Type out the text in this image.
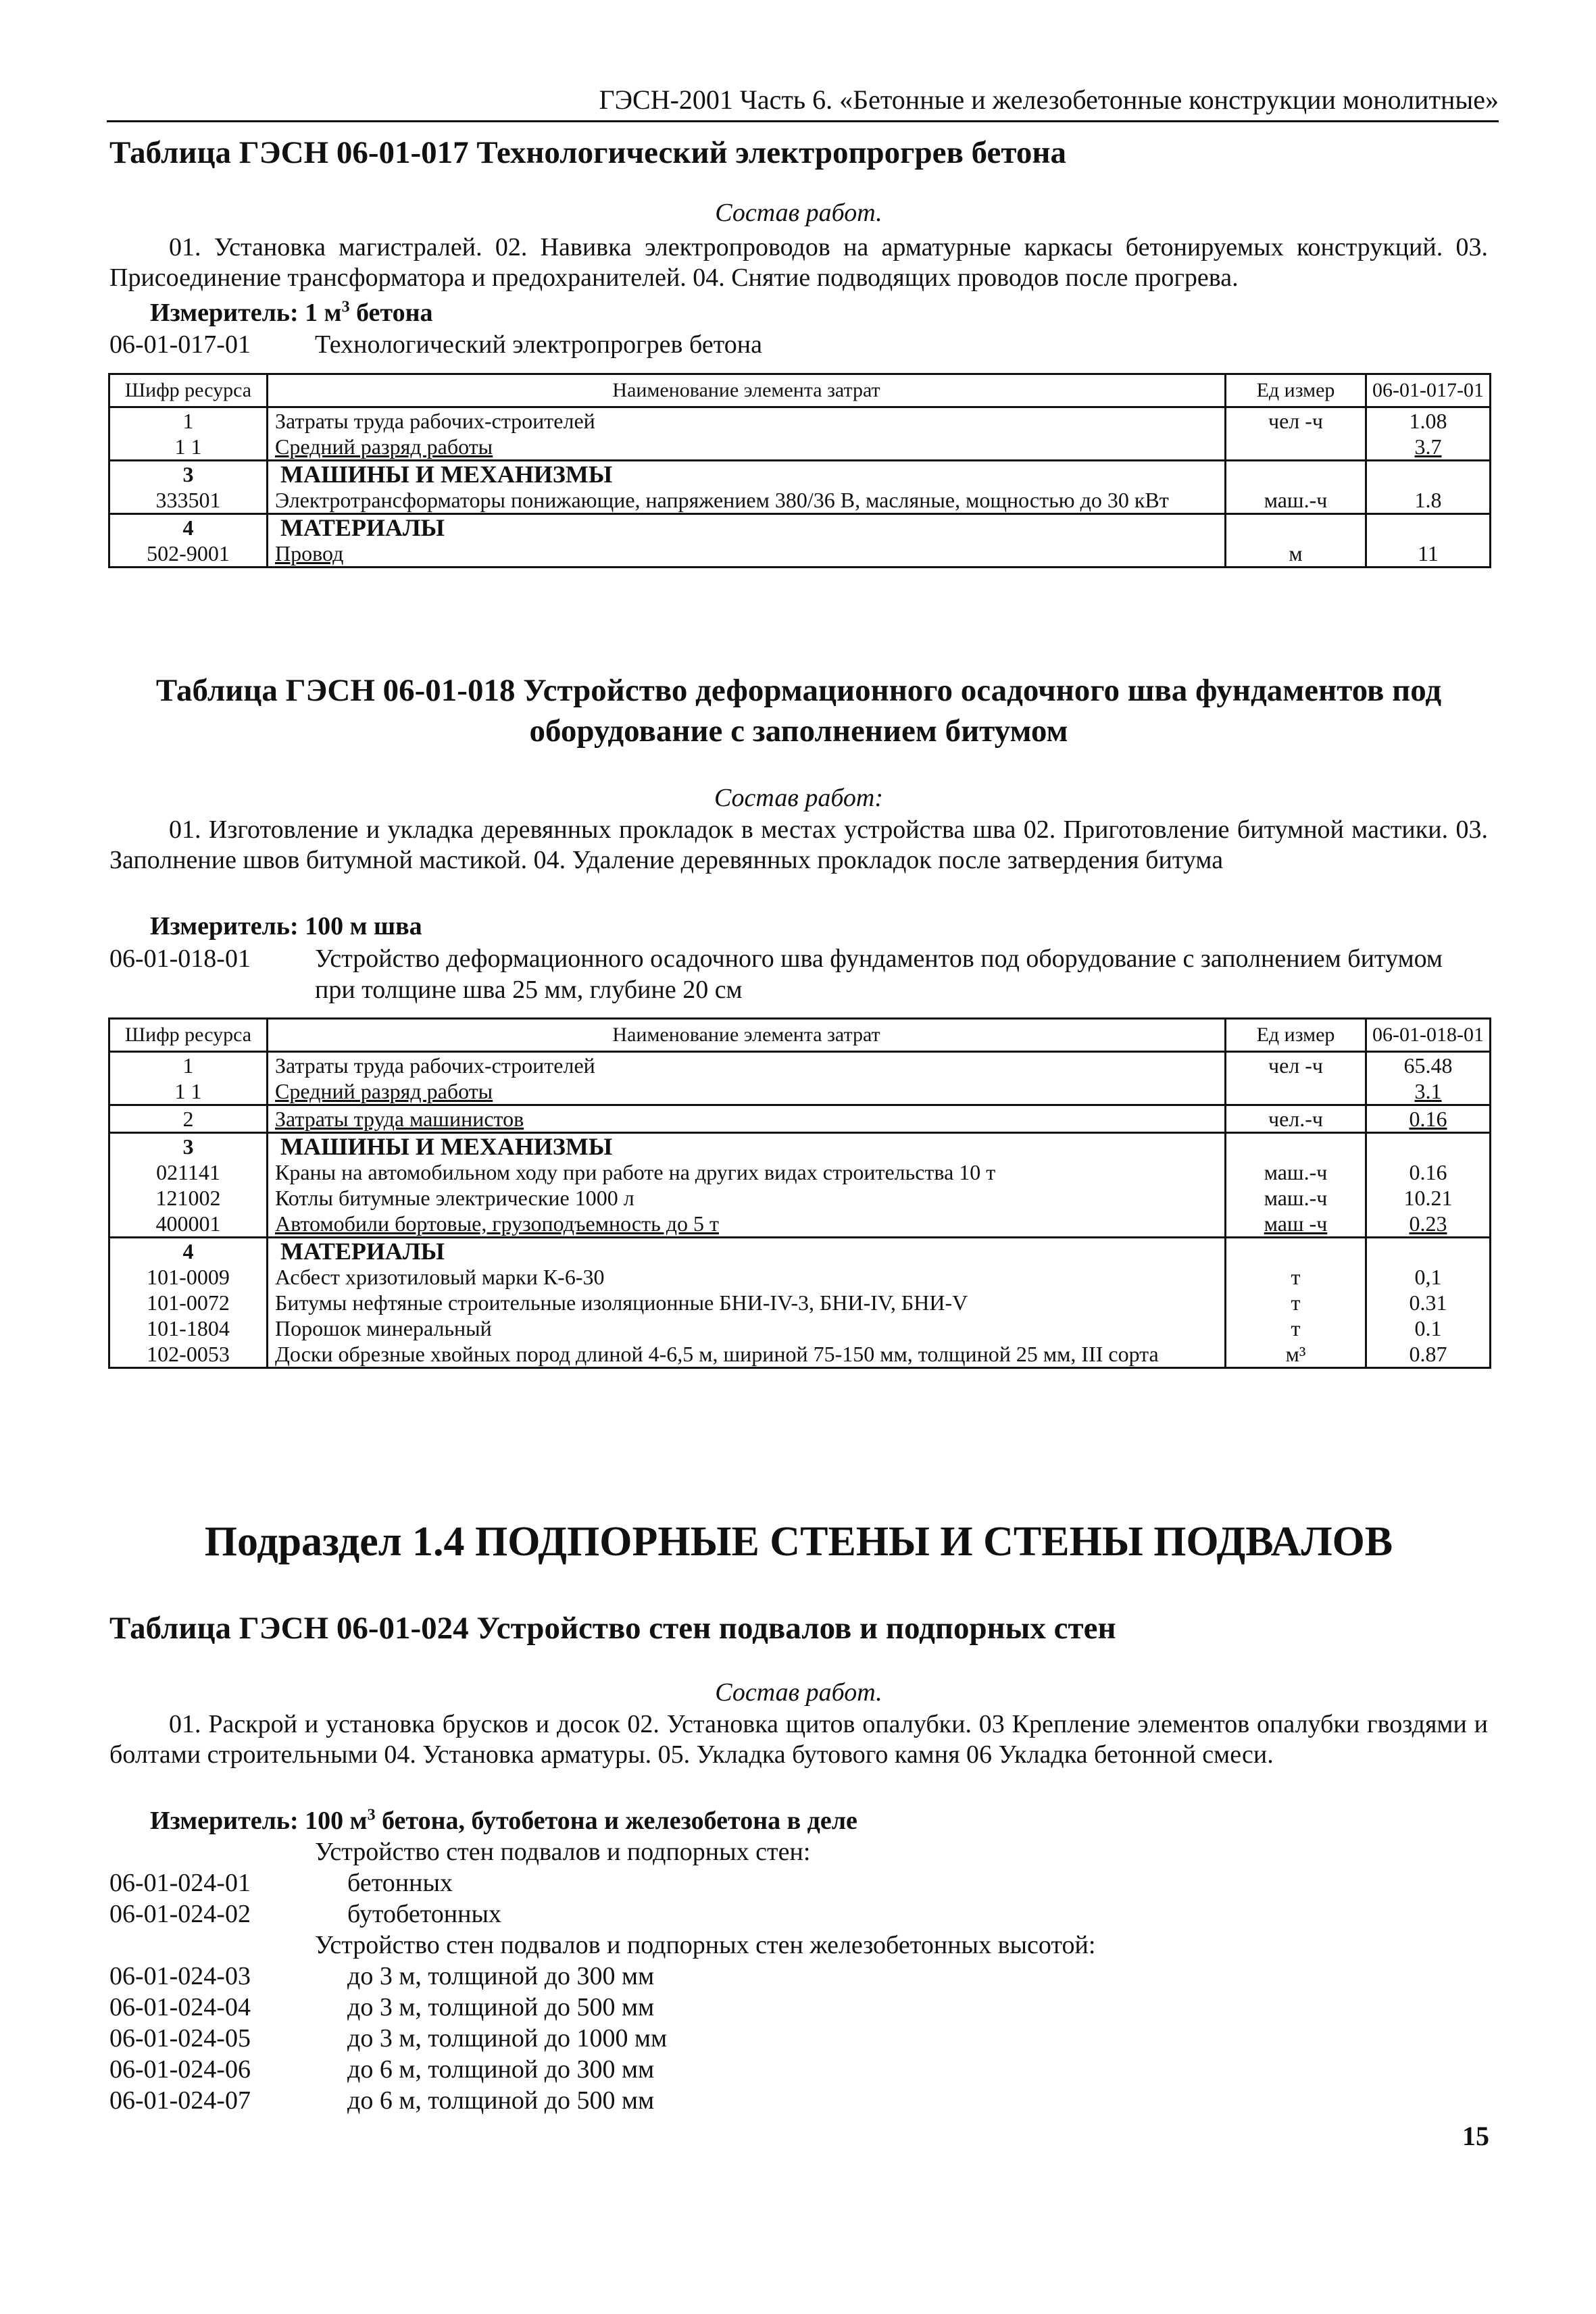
ГЭСН-2001 Часть 6. «Бетонные и железобетонные конструкции монолитные»
Таблица ГЭСН 06-01-017 Технологический электропрогрев бетона
Состав работ.
01. Установка магистралей. 02. Навивка электропроводов на арматурные каркасы бетонируемых конструкций. 03. Присоединение трансформатора и предохранителей. 04. Снятие подводящих проводов после прогрева.
Измеритель: 1 $м^3$ бетона
06-01-017-01	Технологический электропрогрев бетона
Шифр ресурса	Наименование элемента затрат	Ед измер	06-01-017-01
1	Затраты труда рабочих-строителей	чел -ч	1.08
1 1	Средний разряд работы		3.7
3	МАШИНЫ И МЕХАНИЗМЫ		
333501	Электротрансформаторы понижающие, напряжением 380/36 В, масляные, мощностью до 30 кВт	маш.-ч	1.8
4	МАТЕРИАЛЫ		
502-9001	Провод	м	11
Таблица ГЭСН 06-01-018 Устройство деформационного осадочного шва фундаментов под оборудование с заполнением битумом
Состав работ:
01. Изготовление и укладка деревянных прокладок в местах устройства шва 02. Приготовление битумной мастики. 03. Заполнение швов битумной мастикой. 04. Удаление деревянных прокладок после затвердения битума
Измеритель: 100 м шва
06-01-018-01	Устройство деформационного осадочного шва фундаментов под оборудование с заполнением битумом при толщине шва 25 мм, глубине 20 см
Шифр ресурса	Наименование элемента затрат	Ед измер	06-01-018-01
1	Затраты труда рабочих-строителей	чел -ч	65.48
1 1	Средний разряд работы		3.1
2	Затраты труда машинистов	чел.-ч	0.16
3	МАШИНЫ И МЕХАНИЗМЫ		
021141	Краны на автомобильном ходу при работе на других видах строительства 10 т	маш.-ч	0.16
121002	Котлы битумные электрические 1000 л	маш.-ч	10.21
400001	Автомобили бортовые, грузоподъемность до 5 т	маш -ч	0.23
4	МАТЕРИАЛЫ		
101-0009	Асбест хризотиловый марки К-6-30	т	0,1
101-0072	Битумы нефтяные строительные изоляционные БНИ-IV-3, БНИ-IV, БНИ-V	т	0.31
101-1804	Порошок минеральный	т	0.1
102-0053	Доски обрезные хвойных пород длиной 4-6,5 м, шириной 75-150 мм, толщиной 25 мм, III сорта	м³	0.87
Подраздел 1.4 ПОДПОРНЫЕ СТЕНЫ И СТЕНЫ ПОДВАЛОВ
Таблица ГЭСН 06-01-024 Устройство стен подвалов и подпорных стен
Состав работ.
01. Раскрой и установка брусков и досок 02. Установка щитов опалубки. 03 Крепление элементов опалубки гвоздями и болтами строительными 04. Установка арматуры. 05. Укладка бутового камня 06 Укладка бетонной смеси.
Измеритель: 100 $м^3$ бетона, бутобетона и железобетона в деле
Устройство стен подвалов и подпорных стен:
06-01-024-01	бетонных
06-01-024-02	бутобетонных
Устройство стен подвалов и подпорных стен железобетонных высотой:
06-01-024-03	до 3 м, толщиной до 300 мм
06-01-024-04	до 3 м, толщиной до 500 мм
06-01-024-05	до 3 м, толщиной до 1000 мм
06-01-024-06	до 6 м, толщиной до 300 мм
06-01-024-07	до 6 м, толщиной до 500 мм
15
